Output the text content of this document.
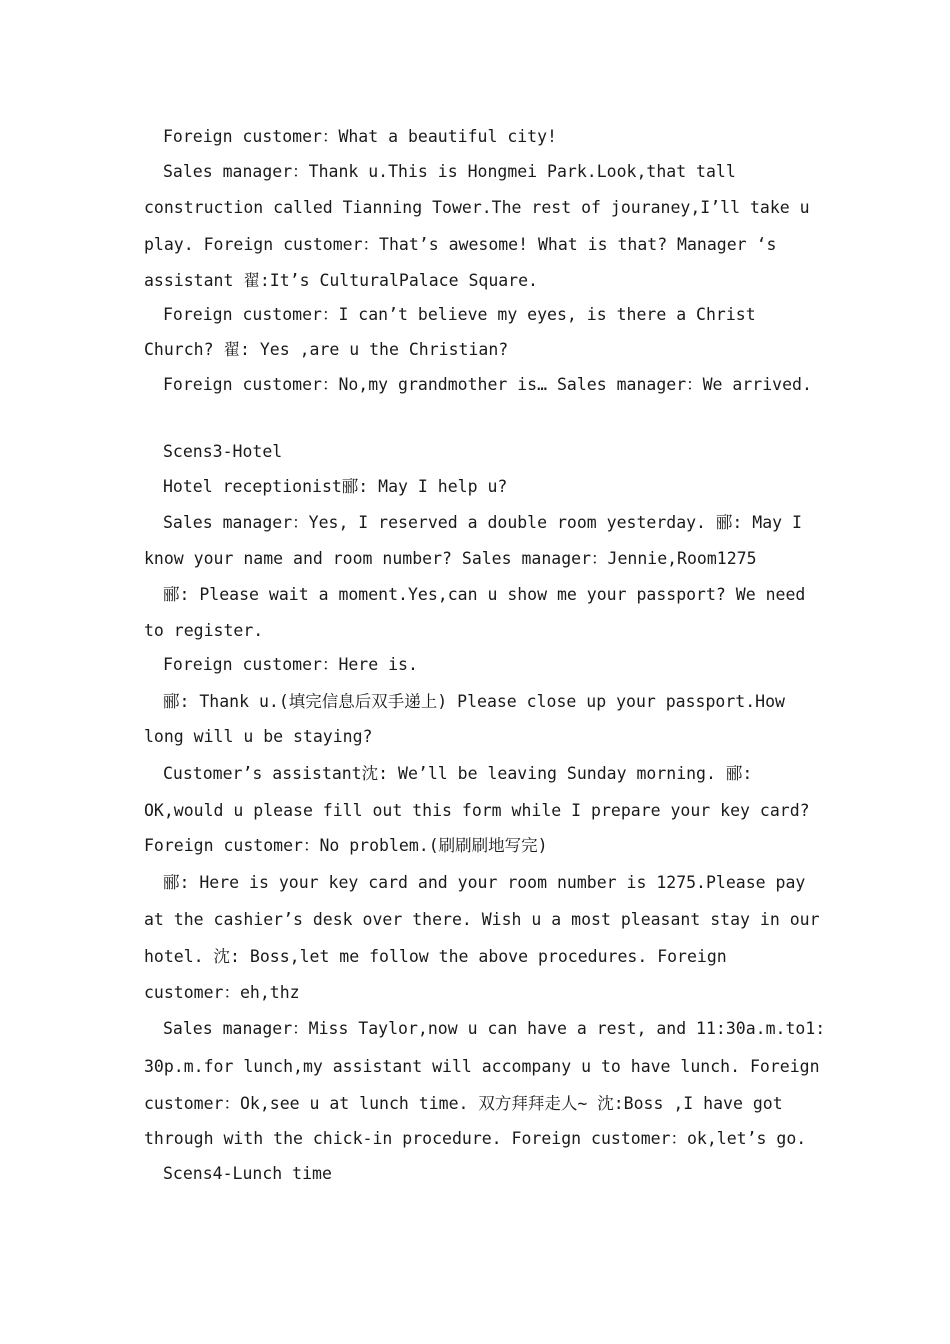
Foreign customer：What a beautiful city!
Sales manager：Thank u.This is Hongmei Park.Look,that tall
construction called Tianning Tower.The rest of jouraney,I’ll take u
play. Foreign customer：That’s awesome! What is that? Manager ‘s
assistant 翟:It’s CulturalPalace Square.
Foreign customer：I can’t believe my eyes, is there a Christ
Church? 翟: Yes ,are u the Christian?
Foreign customer：No,my grandmother is… Sales manager：We arrived.
Scens3-Hotel
Hotel receptionist郦: May I help u?
Sales manager：Yes, I reserved a double room yesterday. 郦: May I
know your name and room number? Sales manager：Jennie,Room1275
郦: Please wait a moment.Yes,can u show me your passport? We need
to register.
Foreign customer：Here is.
郦: Thank u.(填完信息后双手递上) Please close up your passport.How
long will u be staying?
Customer’s assistant沈: We’ll be leaving Sunday morning. 郦:
OK,would u please fill out this form while I prepare your key card?
Foreign customer：No problem.(刷刷刷地写完)
郦: Here is your key card and your room number is 1275.Please pay
at the cashier’s desk over there. Wish u a most pleasant stay in our
hotel. 沈: Boss,let me follow the above procedures. Foreign
customer：eh,thz
Sales manager：Miss Taylor,now u can have a rest, and 11:30a.m.to1:
30p.m.for lunch,my assistant will accompany u to have lunch. Foreign
customer：Ok,see u at lunch time. 双方拜拜走人~ 沈:Boss ,I have got
through with the chick-in procedure. Foreign customer：ok,let’s go.
Scens4-Lunch time
